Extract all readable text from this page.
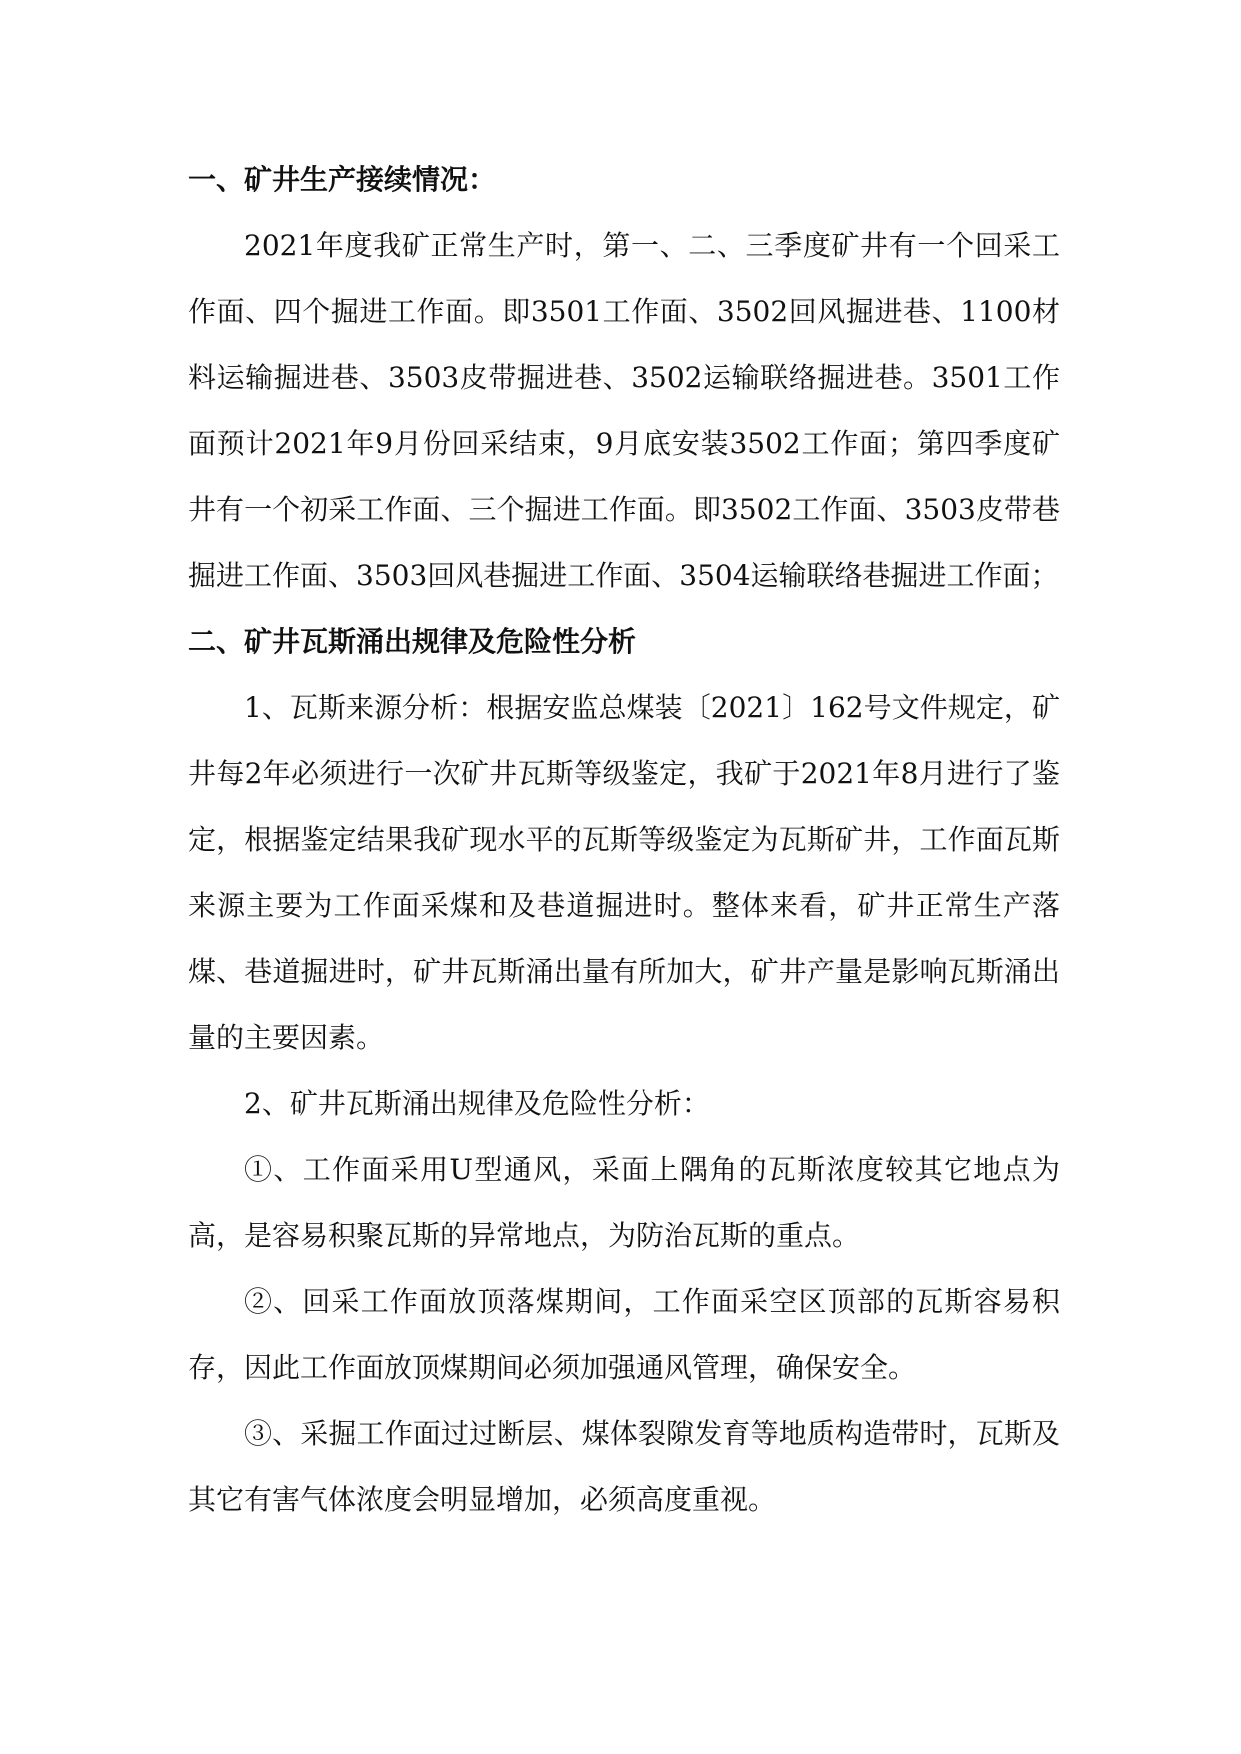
一、矿井生产接续情况：

2021年度我矿正常生产时，第一、二、三季度矿井有一个回采工作面、四个掘进工作面。即3501工作面、3502回风掘进巷、1100材料运输掘进巷、3503皮带掘进巷、3502运输联络掘进巷。3501工作面预计2021年9月份回采结束，9月底安装3502工作面；第四季度矿井有一个初采工作面、三个掘进工作面。即3502工作面、3503皮带巷掘进工作面、3503回风巷掘进工作面、3504运输联络巷掘进工作面；

二、矿井瓦斯涌出规律及危险性分析

1、瓦斯来源分析：根据安监总煤装〔2021〕162号文件规定，矿井每2年必须进行一次矿井瓦斯等级鉴定，我矿于2021年8月进行了鉴定，根据鉴定结果我矿现水平的瓦斯等级鉴定为瓦斯矿井，工作面瓦斯来源主要为工作面采煤和及巷道掘进时。整体来看，矿井正常生产落煤、巷道掘进时，矿井瓦斯涌出量有所加大，矿井产量是影响瓦斯涌出量的主要因素。

2、矿井瓦斯涌出规律及危险性分析：

①、工作面采用U型通风，采面上隅角的瓦斯浓度较其它地点为高，是容易积聚瓦斯的异常地点，为防治瓦斯的重点。

②、回采工作面放顶落煤期间，工作面采空区顶部的瓦斯容易积存，因此工作面放顶煤期间必须加强通风管理，确保安全。

③、采掘工作面过过断层、煤体裂隙发育等地质构造带时，瓦斯及其它有害气体浓度会明显增加，必须高度重视。
